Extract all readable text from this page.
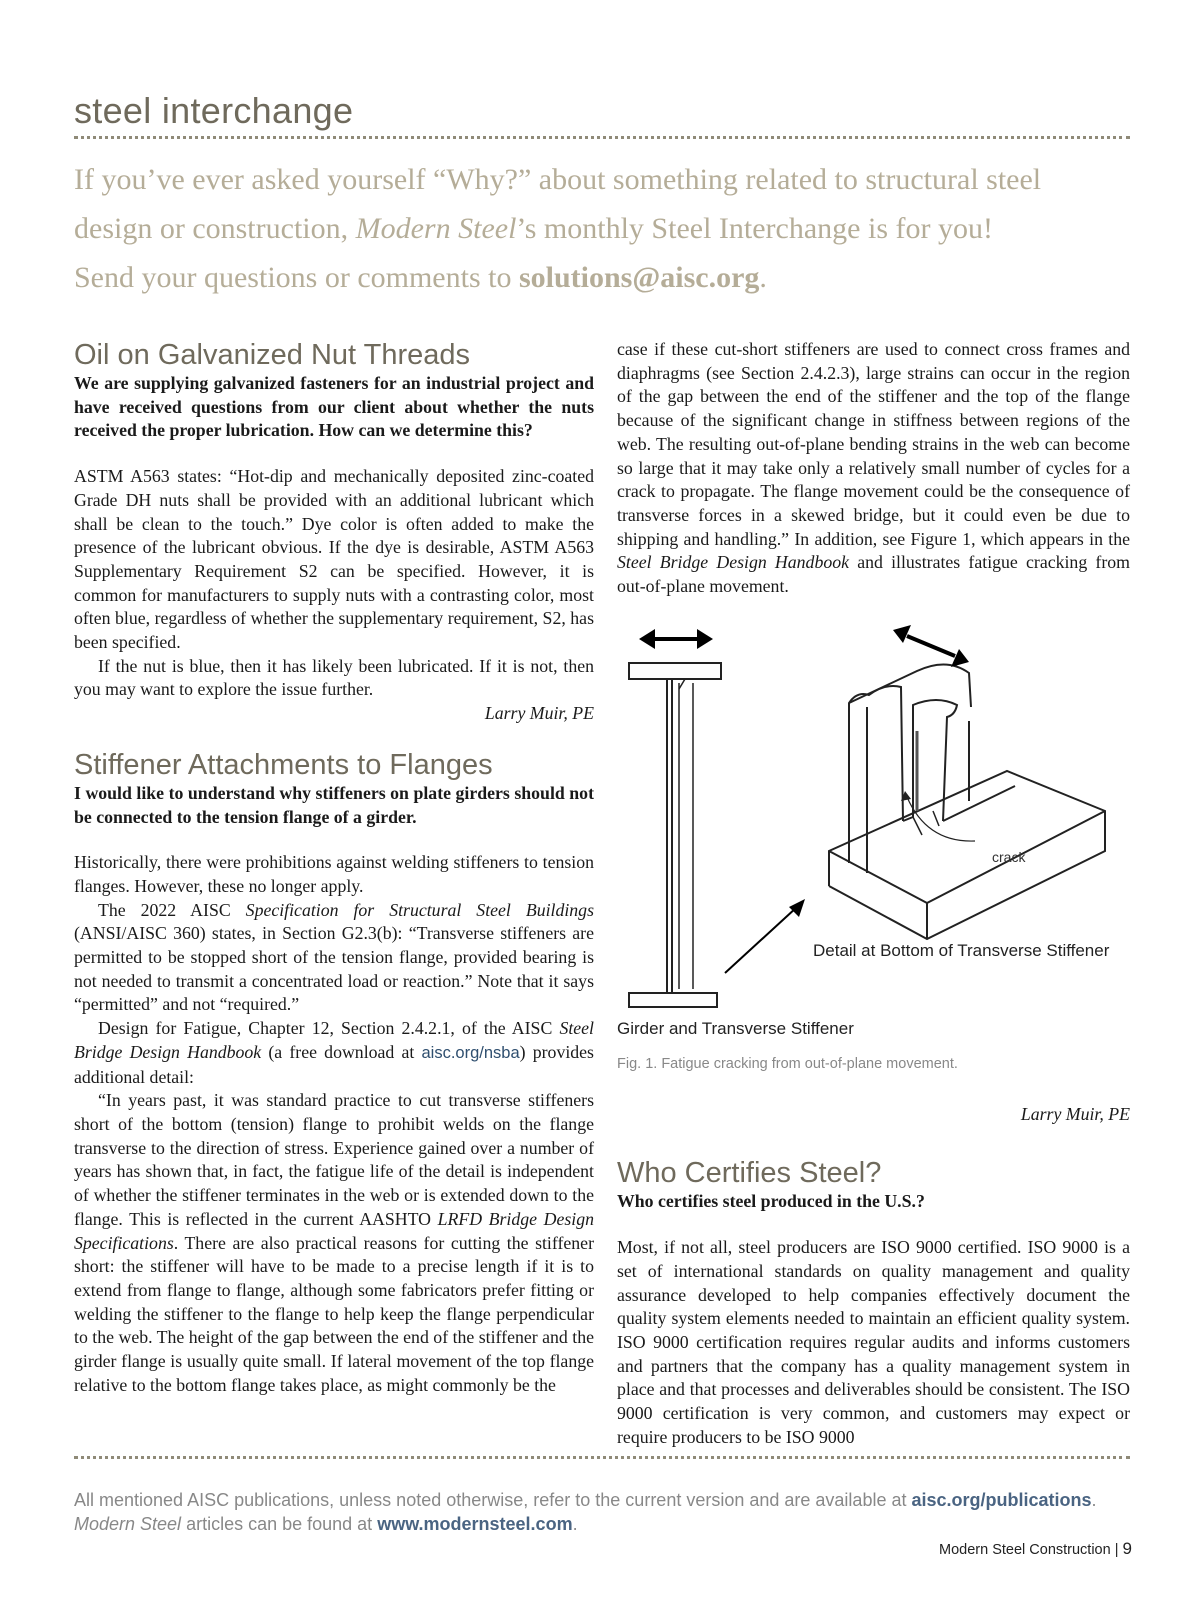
steel interchange
If you’ve ever asked yourself “Why?” about something related to structural steel
design or construction, Modern Steel’s monthly Steel Interchange is for you!
Send your questions or comments to solutions@aisc.org.
Oil on Galvanized Nut Threads

We are supplying galvanized fasteners for an industrial project and have received questions from our client about whether the nuts received the proper lubrication. How can we determine this?

ASTM A563 states: “Hot-dip and mechanically deposited zinc-coated Grade DH nuts shall be provided with an additional lubricant which shall be clean to the touch.” Dye color is often added to make the presence of the lubricant obvious. If the dye is desirable, ASTM A563 Supplementary Requirement S2 can be specified. However, it is common for manufacturers to supply nuts with a contrasting color, most often blue, regardless of whether the supplementary requirement, S2, has been specified.

If the nut is blue, then it has likely been lubricated. If it is not, then you may want to explore the issue further.

Larry Muir, PE

Stiffener Attachments to Flanges

I would like to understand why stiffeners on plate girders should not be connected to the tension flange of a girder.

Historically, there were prohibitions against welding stiffeners to tension flanges. However, these no longer apply.

The 2022 AISC Specification for Structural Steel Buildings (ANSI/AISC 360) states, in Section G2.3(b): “Transverse stiffeners are permitted to be stopped short of the tension flange, provided bearing is not needed to transmit a concentrated load or reaction.” Note that it says “permitted” and not “required.”

Design for Fatigue, Chapter 12, Section 2.4.2.1, of the AISC Steel Bridge Design Handbook (a free download at aisc.org/nsba) provides additional detail:

“In years past, it was standard practice to cut transverse stiffeners short of the bottom (tension) flange to prohibit welds on the flange transverse to the direction of stress. Experience gained over a number of years has shown that, in fact, the fatigue life of the detail is independent of whether the stiffener terminates in the web or is extended down to the flange. This is reflected in the current AASHTO LRFD Bridge Design Specifications. There are also practical reasons for cutting the stiffener short: the stiffener will have to be made to a precise length if it is to extend from flange to flange, although some fabricators prefer fitting or welding the stiffener to the flange to help keep the flange perpendicular to the web. The height of the gap between the end of the stiffener and the girder flange is usually quite small. If lateral movement of the top flange relative to the bottom flange takes place, as might commonly be the

case if these cut-short stiffeners are used to connect cross frames and diaphragms (see Section 2.4.2.3), large strains can occur in the region of the gap between the end of the stiffener and the top of the flange because of the significant change in stiffness between regions of the web. The resulting out-of-plane bending strains in the web can become so large that it may take only a relatively small number of cycles for a crack to propagate. The flange movement could be the consequence of transverse forces in a skewed bridge, but it could even be due to shipping and handling.” In addition, see Figure 1, which appears in the Steel Bridge Design Handbook and illustrates fatigue cracking from out-of-plane movement.

crack
Detail at Bottom of Transverse Stiffener
Girder and Transverse Stiffener
Fig. 1. Fatigue cracking from out-of-plane movement.

Larry Muir, PE

Who Certifies Steel?

Who certifies steel produced in the U.S.?

Most, if not all, steel producers are ISO 9000 certified. ISO 9000 is a set of international standards on quality management and quality assurance developed to help companies effectively document the quality system elements needed to maintain an efficient quality system. ISO 9000 certification requires regular audits and informs customers and partners that the company has a quality management system in place and that processes and deliverables should be consistent. The ISO 9000 certification is very common, and customers may expect or require producers to be ISO 9000

All mentioned AISC publications, unless noted otherwise, refer to the current version and are available at aisc.org/publications.
Modern Steel articles can be found at www.modernsteel.com.
Modern Steel Construction | 9
